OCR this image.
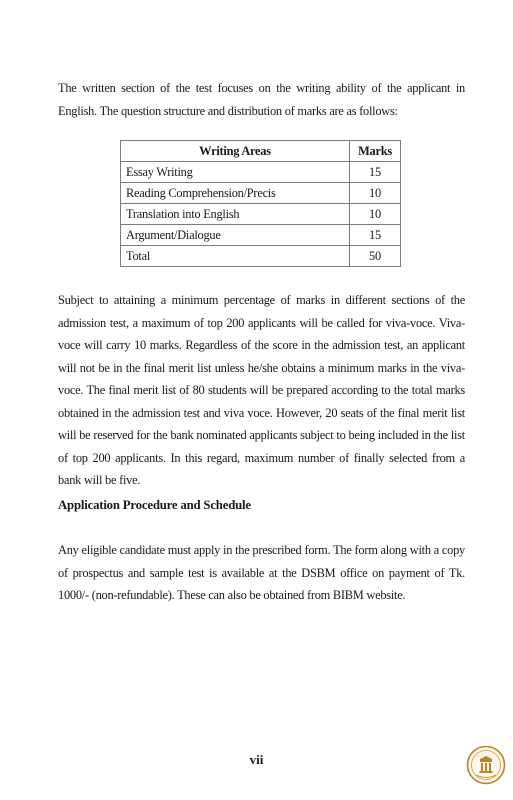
The written section of the test focuses on the writing ability of the applicant in English. The question structure and distribution of marks are as follows:

Writing Areas	Marks
Essay Writing	15
Reading Comprehension/Precis	10
Translation into English	10
Argument/Dialogue	15
Total	50

Subject to attaining a minimum percentage of marks in different sections of the admission test, a maximum of top 200 applicants will be called for viva-voce. Viva-voce will carry 10 marks. Regardless of the score in the admission test, an applicant will not be in the final merit list unless he/she obtains a minimum marks in the viva-voce. The final merit list of 80 students will be prepared according to the total marks obtained in the admission test and viva voce. However, 20 seats of the final merit list will be reserved for the bank nominated applicants subject to being included in the list of top 200 applicants. In this regard, maximum number of finally selected from a bank will be five.

Application Procedure and Schedule

Any eligible candidate must apply in the prescribed form. The form along with a copy of prospectus and sample test is available at the DSBM office on payment of Tk. 1000/- (non-refundable). These can also be obtained from BIBM website.

vii
